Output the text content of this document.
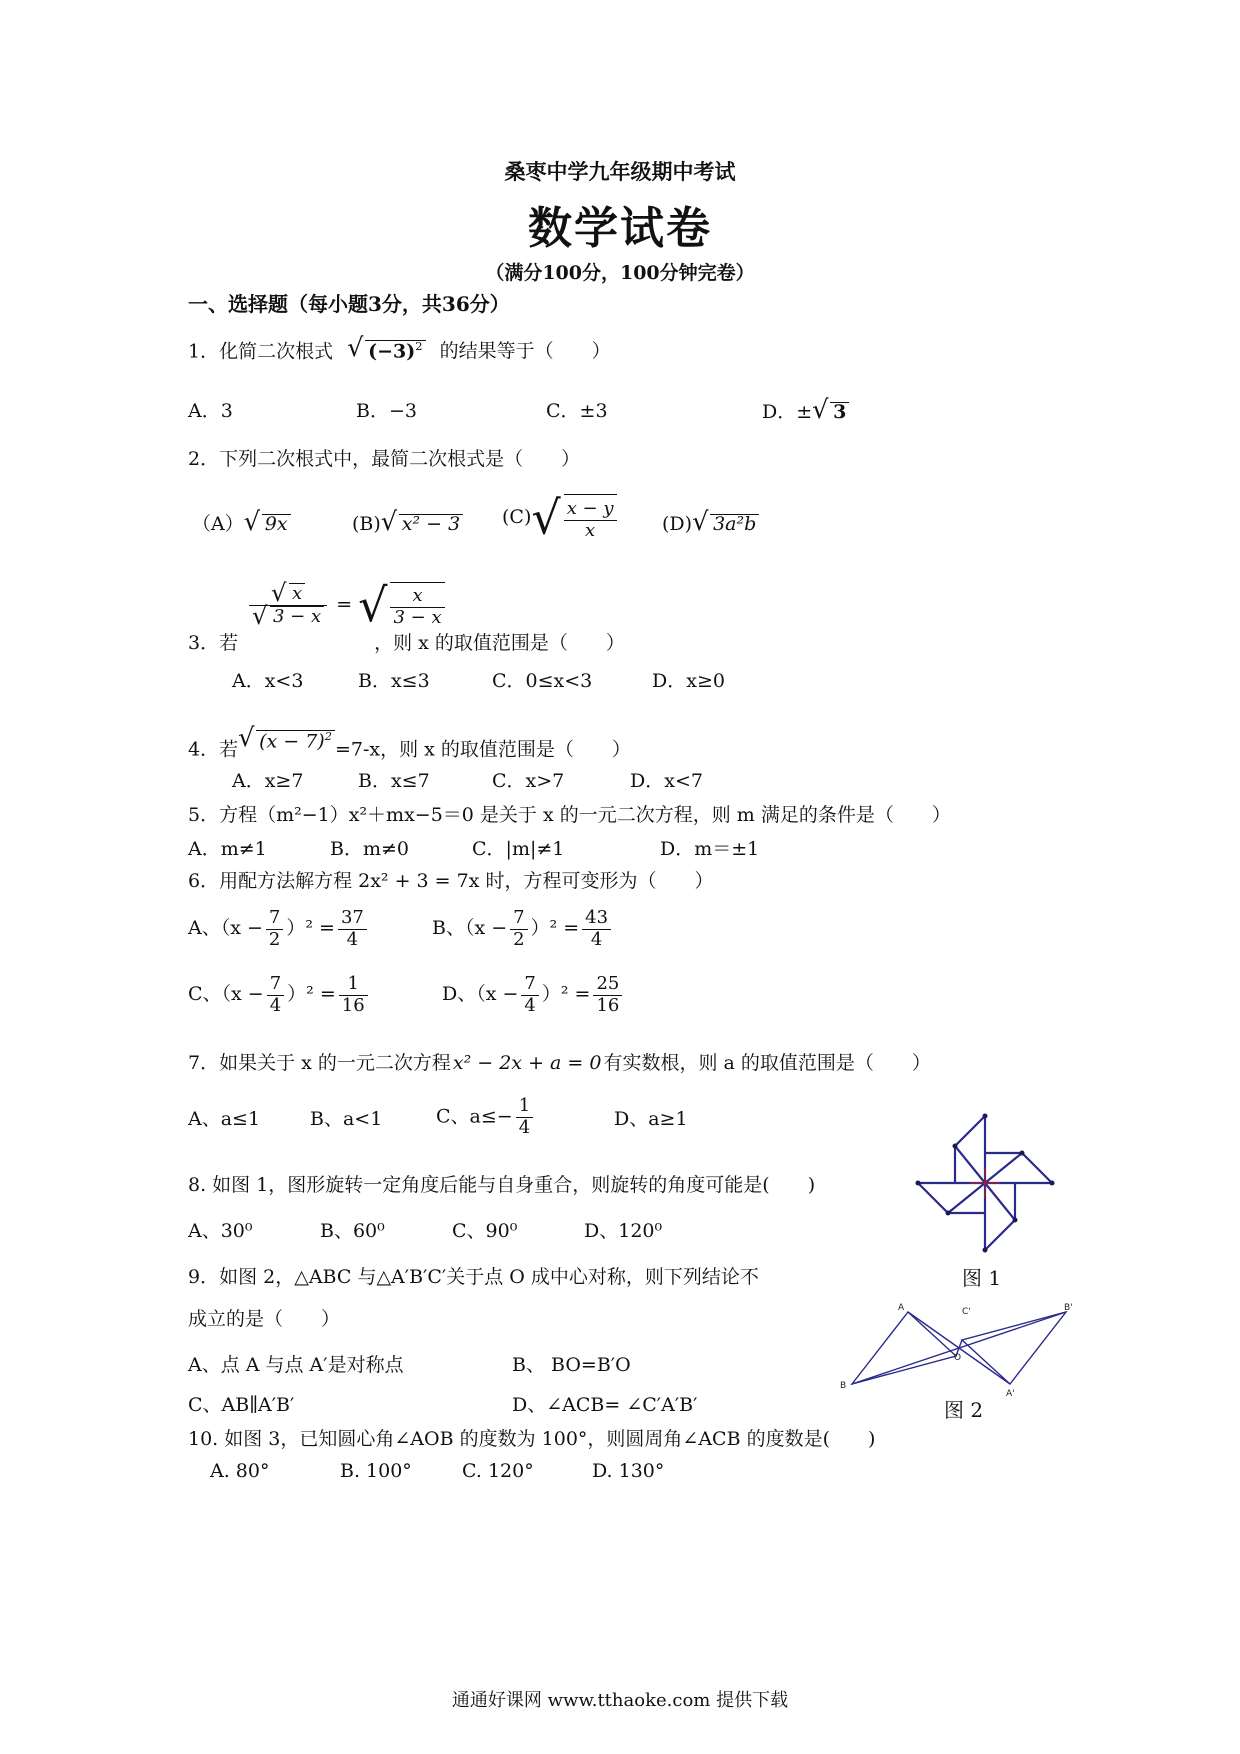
桑枣中学九年级期中考试
数学试卷
（满分100分，100分钟完卷）
一、选择题（每小题3分，共36分）
1．化简二次根式 √ $(-3)^2$ 的结果等于（　　）
A．3	B．−3	C．±3	D．±√ 3
2．下列二次根式中，最简二次根式是（　　）
（A）√ 9x	(B)√ x² − 3 $(C)√ \frac{x - y}{x} (D)√$ 3a²b
√ x
√ 3 − x = √ $\frac{x}{3 - x}$
3．若	，则 x 的取值范围是（　　）
A．x<3	B．x≤3	C．0≤x<3	D．x≥0
4．若√ $(x - 7)^2=7-x$，则 x 的取值范围是（　　）
A．x≥7	B．x≤7	C．x>7	D．x<7
5．方程（m²−1）x²＋mx−5＝0 是关于 x 的一元二次方程，则 m 满足的条件是（　　）
A．m≠1	B．m≠0	C．|m|≠1	D．m＝±1
6．用配方法解方程 2x² + 3 = 7x 时，方程可变形为（　　）
A、$(x - \frac{7}{2} )^2 = \frac{37}{4}$	B、$(x - \frac{7}{2} )^2 = \frac{43}{4}$
C、$(x - \frac{7}{4} )^2 = \frac{1}{16}$	D、$(x - \frac{7}{4} )^2 = \frac{25}{16}$
7．如果关于 x 的一元二次方程 x² − 2x + a = 0 有实数根，则 a 的取值范围是（　　）
A、a≤1	B、a<1	C、$a\le- \frac{1}{4}$	D、a≥1
8. 如图 1，图形旋转一定角度后能与自身重合，则旋转的角度可能是(　　)
A、30⁰	B、60⁰	C、90⁰	D、120⁰
图 1
9．如图 2，△ABC 与△A′B′C′关于点 O 成中心对称，则下列结论不
成立的是（　　）
A、点 A 与点 A′是对称点	B、 BO=B′O
C、AB∥A′B′	D、∠ACB= ∠C′A′B′
A	C'	B'
B
O
A'
图 2
10. 如图 3，已知圆心角∠AOB 的度数为 100°，则圆周角∠ACB 的度数是(　　)
A. 80°	B. 100°	C. 120°	D. 130°
通通好课网 www.tthaoke.com 提供下载
